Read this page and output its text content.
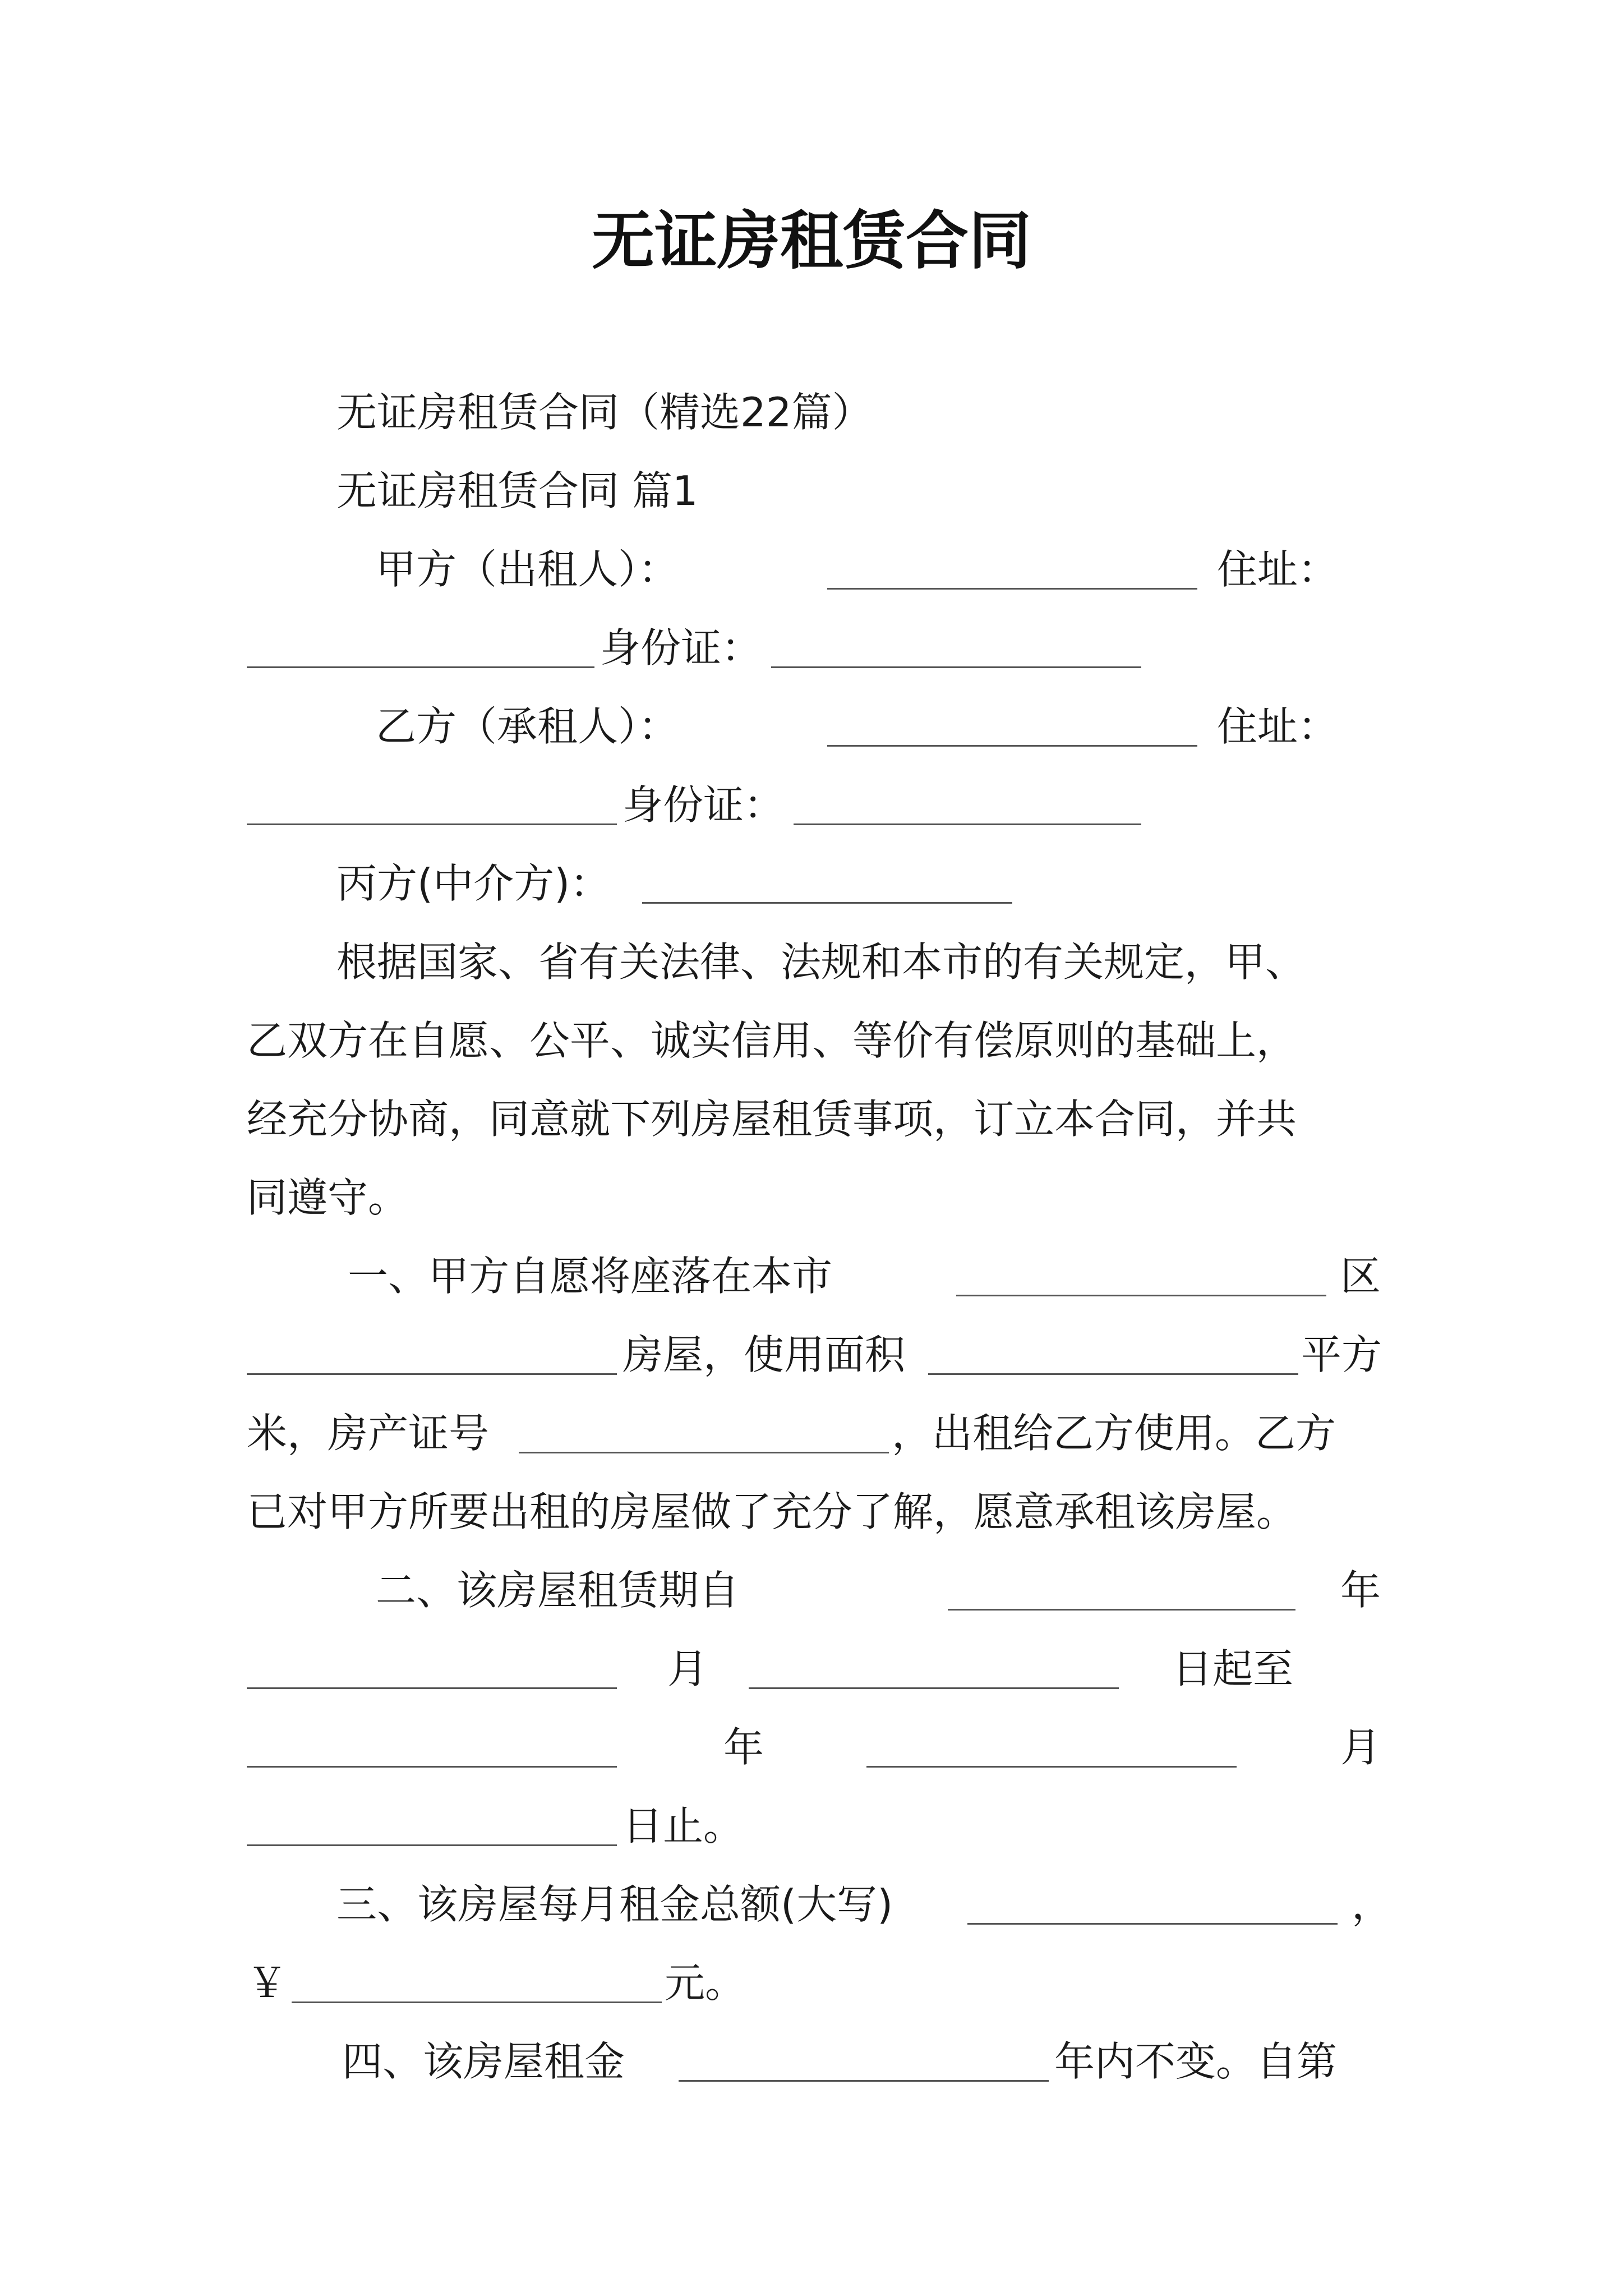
无证房租赁合同
无证房租赁合同（精选22篇）
无证房租赁合同 篇1
甲方（出租人）：	住址：
身份证：
乙方（承租人）：	住址：
身份证：
丙方(中介方)：
根据国家、省有关法律、法规和本市的有关规定，甲、
乙双方在自愿、公平、诚实信用、等价有偿原则的基础上，
经充分协商，同意就下列房屋租赁事项，订立本合同，并共
同遵守。
一、甲方自愿将座落在本市	区
房屋，使用面积	平方
米，房产证号	，出租给乙方使用。乙方
已对甲方所要出租的房屋做了充分了解，愿意承租该房屋。
二、该房屋租赁期自	年
月	日起至
年	月
日止。
三、该房屋每月租金总额(大写)	，
￥	元。
四、该房屋租金	年内不变。自第
